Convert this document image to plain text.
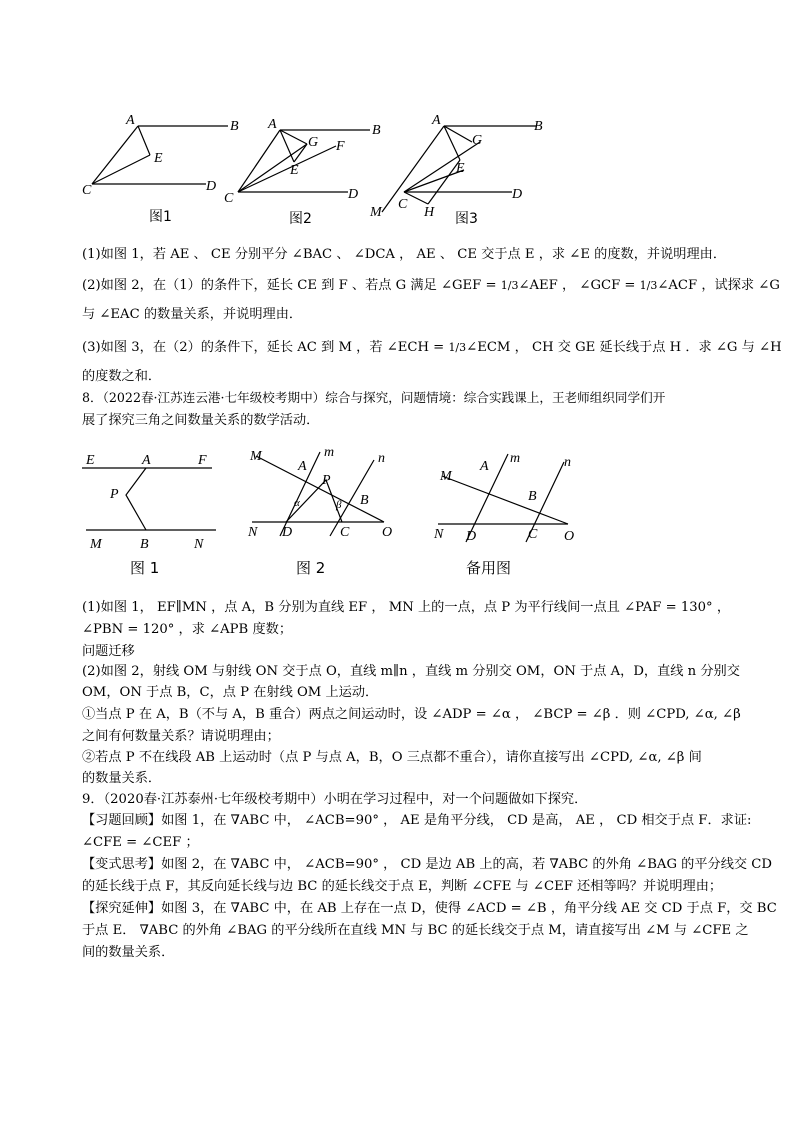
A	B
E
C	D
A	B
G F
E
C	D
A	B
G
E
D
C
H
M
图1	图2	图3
(1)如图 1，若 AE 、 CE 分别平分 ∠BAC 、 ∠DCA ， AE 、 CE 交于点 E ，求 ∠E 的度数，并说明理由．
(2)如图 2，在（1）的条件下，延长 CE 到 F 、若点 G 满足 ∠GEF = 1/3∠AEF ， ∠GCF = 1/3∠ACF ，试探求 ∠G
与 ∠EAC 的数量关系，并说明理由．
(3)如图 3，在（2）的条件下，延长 AC 到 M ，若 ∠ECH = 1/3∠ECM ， CH 交 GE 延长线于点 H ．求 ∠G 与 ∠H
的度数之和．
8．（2022春·江苏连云港·七年级校考期中）综合与探究，问题情境：综合实践课上，王老师组织同学们开
展了探究三角之间数量关系的数学活动．
E	A	F
P
M	B	N
M
A
m	n
P
α	β B
N D	C O
M
A
m	n
B
N D	C O
图 1	图 2	备用图
(1)如图 1， EF∥MN ，点 A，B 分别为直线 EF ， MN 上的一点，点 P 为平行线间一点且 ∠PAF = 130° ，
∠PBN = 120° ，求 ∠APB 度数；
问题迁移
(2)如图 2，射线 OM 与射线 ON 交于点 O，直线 m∥n ，直线 m 分别交 OM，ON 于点 A，D，直线 n 分别交
OM，ON 于点 B，C，点 P 在射线 OM 上运动．
①当点 P 在 A，B（不与 A，B 重合）两点之间运动时，设 ∠ADP = ∠α ， ∠BCP = ∠β ．则 ∠CPD, ∠α, ∠β
之间有何数量关系？请说明理由；
②若点 P 不在线段 AB 上运动时（点 P 与点 A，B，O 三点都不重合），请你直接写出 ∠CPD, ∠α, ∠β 间
的数量关系．
9．（2020春·江苏泰州·七年级校考期中）小明在学习过程中，对一个问题做如下探究．
【习题回顾】如图 1，在 ∇ABC 中， ∠ACB=90° ， AE 是角平分线， CD 是高， AE ， CD 相交于点 F．求证:
∠CFE = ∠CEF ；
【变式思考】如图 2，在 ∇ABC 中， ∠ACB=90° ， CD 是边 AB 上的高，若 ∇ABC 的外角 ∠BAG 的平分线交 CD
的延长线于点 F，其反向延长线与边 BC 的延长线交于点 E，判断 ∠CFE 与 ∠CEF 还相等吗？并说明理由；
【探究延伸】如图 3，在 ∇ABC 中，在 AB 上存在一点 D，使得 ∠ACD = ∠B ，角平分线 AE 交 CD 于点 F，交 BC
于点 E． ∇ABC 的外角 ∠BAG 的平分线所在直线 MN 与 BC 的延长线交于点 M，请直接写出 ∠M 与 ∠CFE 之
间的数量关系．
